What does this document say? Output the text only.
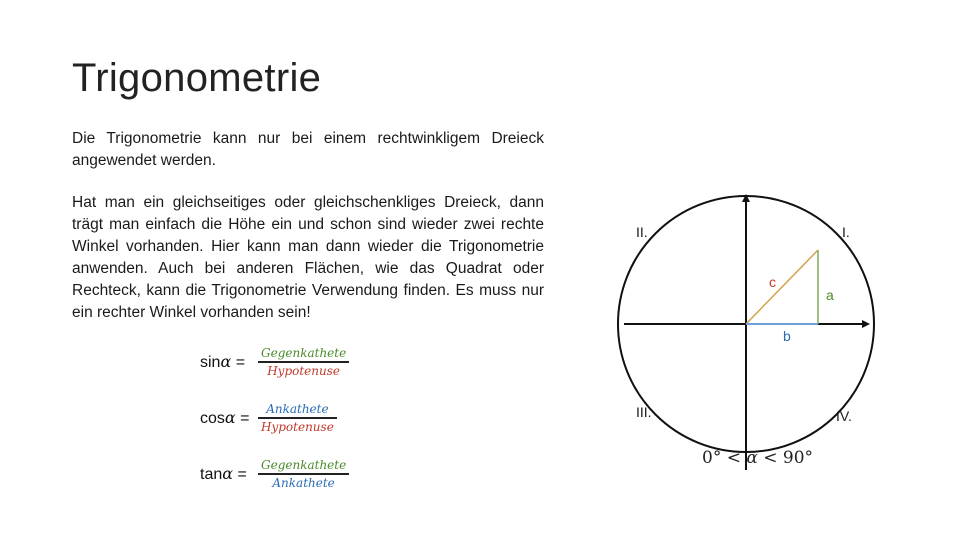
Trigonometrie
Die Trigonometrie kann nur bei einem rechtwinkligem Dreieck angewendet werden.
Hat man ein gleichseitiges oder gleichschenkliges Dreieck, dann trägt man einfach die Höhe ein und schon sind wieder zwei rechte Winkel vorhanden. Hier kann man dann wieder die Trigonometrie anwenden. Auch bei anderen Flächen, wie das Quadrat oder Rechteck, kann die Trigonometrie Verwendung finden. Es muss nur ein rechter Winkel vorhanden sein!
sinα =	$\frac{\text{Gegenkathete}}{\text{Hypotenuse}}$
$\cos\alpha = \frac{\text{Ankathete}}{\text{Hypotenuse}}$
$\tan\alpha = \frac{\text{Gegenkathete}}{\text{Ankathete}}$
II.	I.
III.	IV.
c
a
b
0° < α < 90°
